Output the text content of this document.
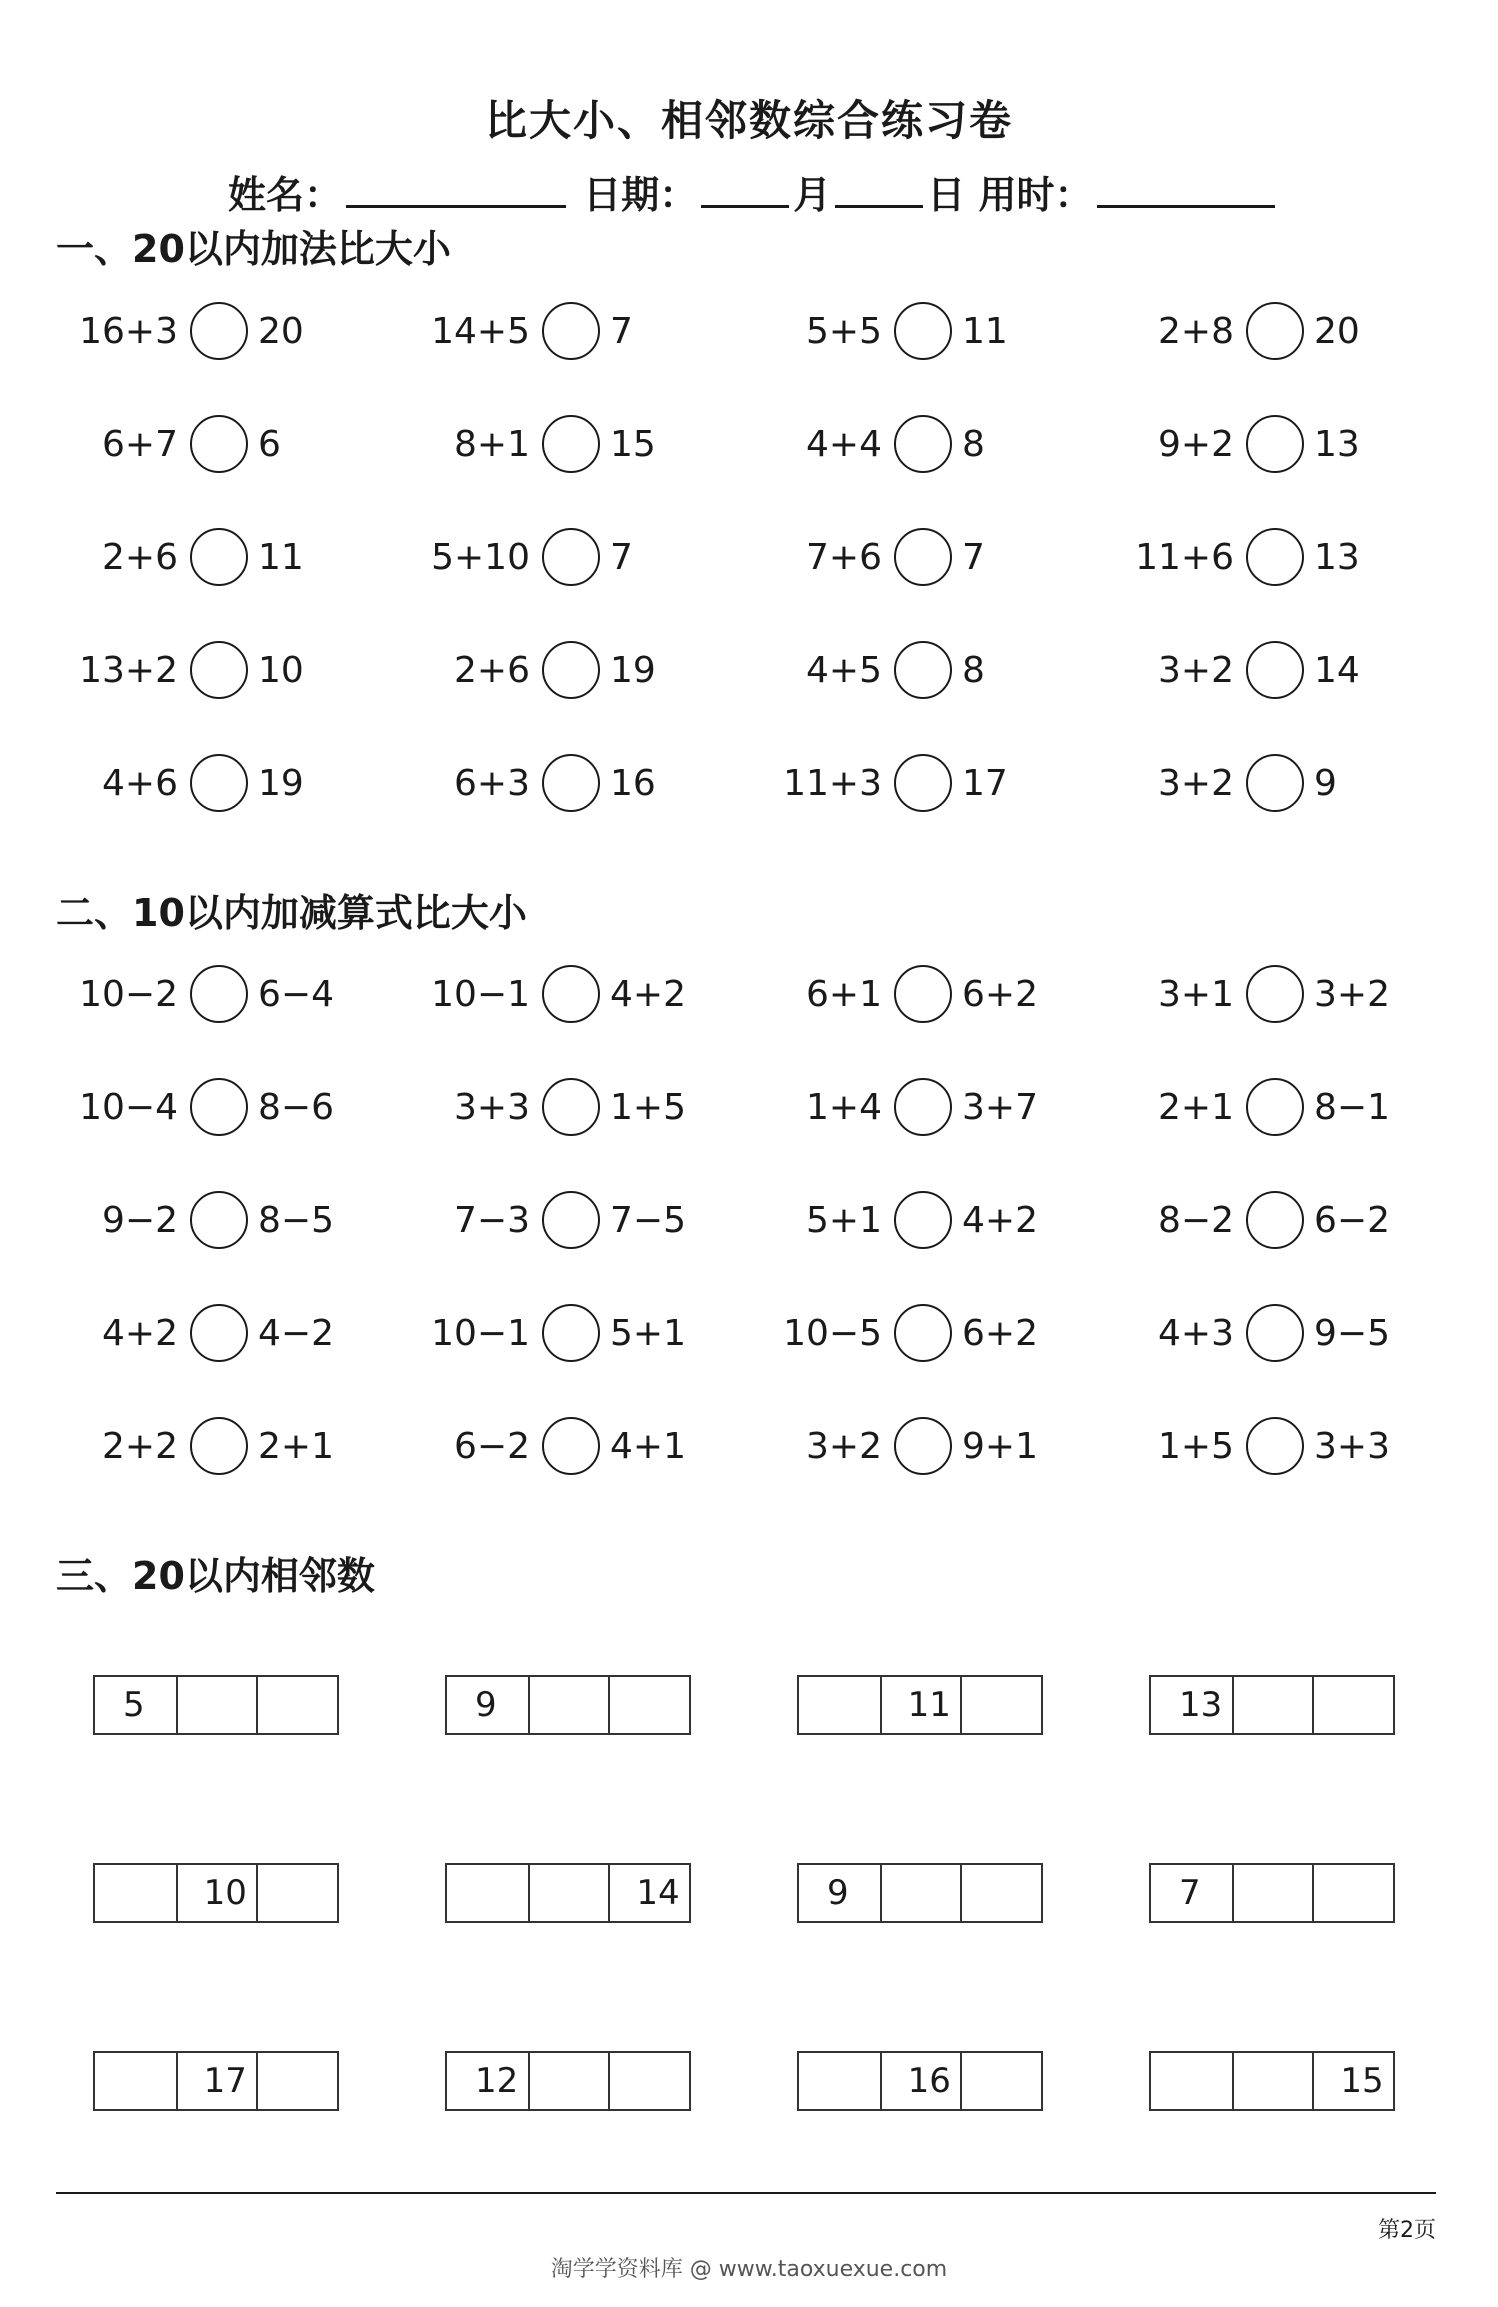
比大小、相邻数综合练习卷
姓名：	日期：	月	日 用时：
一、20以内加法比大小
16+3 20	14+5 7	5+5 11	2+8 20
6+7 6	8+1 15	4+4 8	9+2 13
2+6 11	5+10 7	7+6 7	11+6 13
13+2 10	2+6 19	4+5 8	3+2 14
4+6 19	6+3 16	11+3 17	3+2 9
二、10以内加减算式比大小
10−2 6−4	10−1 4+2	6+1 6+2	3+1 3+2
10−4 8−6	3+3 1+5	1+4 3+7	2+1 8−1
9−2 8−5	7−3 7−5	5+1 4+2	8−2 6−2
4+2 4−2	10−1 5+1	10−5 6+2	4+3 9−5
2+2 2+1	6−2 4+1	3+2 9+1	1+5 3+3
三、20以内相邻数
5	9	11	13
10	14	9	7
17	12	16	15
第2页
淘学学资料库 @ www.taoxuexue.com
